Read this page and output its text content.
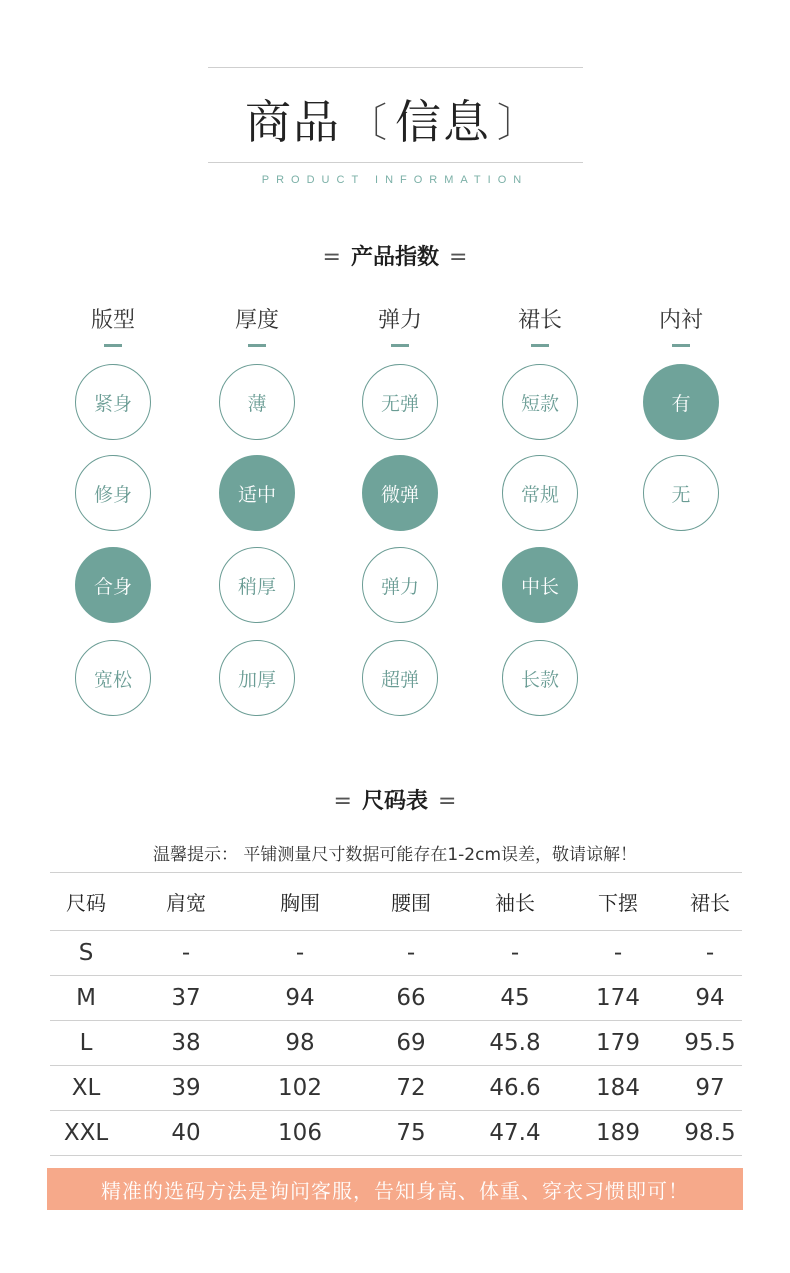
商品 〔 信息 〕
PRODUCT INFORMATION
= 产品指数 =
版型
紧身
修身
合身
宽松
厚度
薄
适中
稍厚
加厚
弹力
无弹
微弹
弹力
超弹
裙长
短款
常规
中长
长款
内衬
有
无
= 尺码表 =
温馨提示： 平铺测量尺寸数据可能存在1-2cm误差，敬请谅解！
尺码	肩宽	胸围	腰围	袖长	下摆	裙长
S	-	-	-	-	-	-
M	37	94	66	45	174	94
L	38	98	69	45.8	179	95.5
XL	39	102	72	46.6	184	97
XXL	40	106	75	47.4	189	98.5
精准的选码方法是询问客服，告知身高、体重、穿衣习惯即可！
